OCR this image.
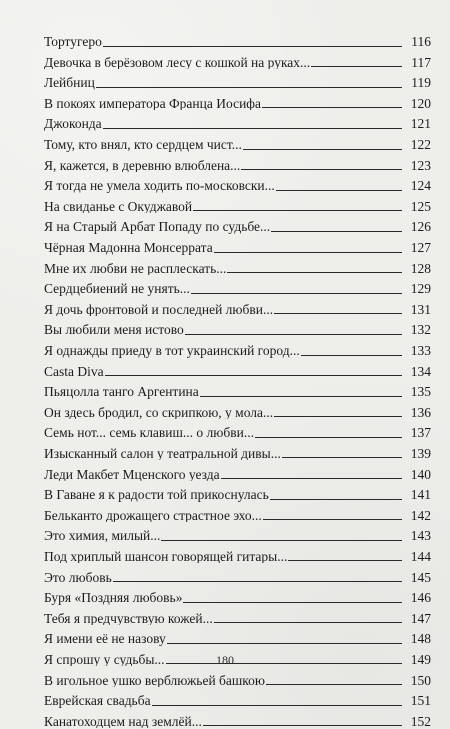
Тортугеро	116
Девочка в берёзовом лесу с кошкой на руках...	117
Лейбниц	119
В покоях императора Франца Иосифа	120
Джоконда	121
Тому, кто внял, кто сердцем чист...	122
Я, кажется, в деревню влюблена...	123
Я тогда не умела ходить по-московски...	124
На свиданье с Окуджавой	125
Я на Старый Арбат Попаду по судьбе...	126
Чёрная Мадонна Монсеррата	127
Мне их любви не расплескать...	128
Сердцебиений не унять...	129
Я дочь фронтовой и последней любви...	131
Вы любили меня истово	132
Я однажды приеду в тот украинский город...	133
Casta Diva	134
Пьяцолла танго Аргентина	135
Он здесь бродил, со скрипкою, у мола...	136
Семь нот... семь клавиш... о любви...	137
Изысканный салон у театральной дивы...	139
Леди Макбет Мценского уезда	140
В Гаване я к радости той прикоснулась	141
Бельканто дрожащего страстное эхо...	142
Это химия, милый...	143
Под хриплый шансон говорящей гитары...	144
Это любовь	145
Буря «Поздняя любовь»	146
Тебя я предчувствую кожей...	147
Я имени её не назову	148
Я спрошу у судьбы...	149
В игольное ушко верблюжьей башкою	150
Еврейская свадьба	151
Канатоходцем над землёй...	152
180
